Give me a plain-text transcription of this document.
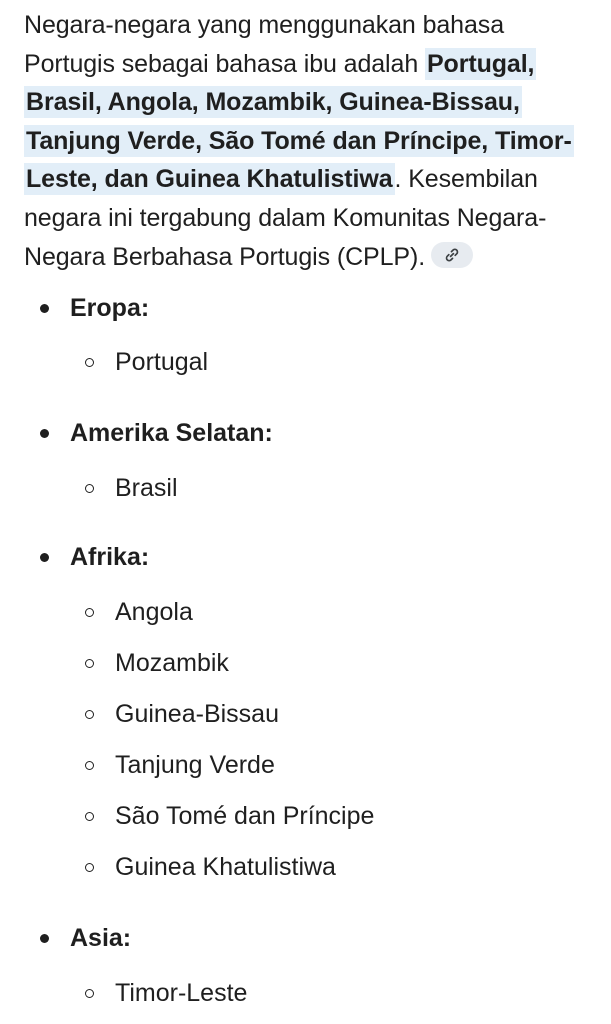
Negara-negara yang menggunakan bahasa Portugis sebagai bahasa ibu adalah Portugal, Brasil, Angola, Mozambik, Guinea-Bissau, Tanjung Verde, São Tomé dan Príncipe, Timor-Leste, dan Guinea Khatulistiwa. Kesembilan negara ini tergabung dalam Komunitas Negara-Negara Berbahasa Portugis (CPLP).
Eropa:
Portugal
Amerika Selatan:
Brasil
Afrika:
Angola
Mozambik
Guinea-Bissau
Tanjung Verde
São Tomé dan Príncipe
Guinea Khatulistiwa
Asia:
Timor-Leste
